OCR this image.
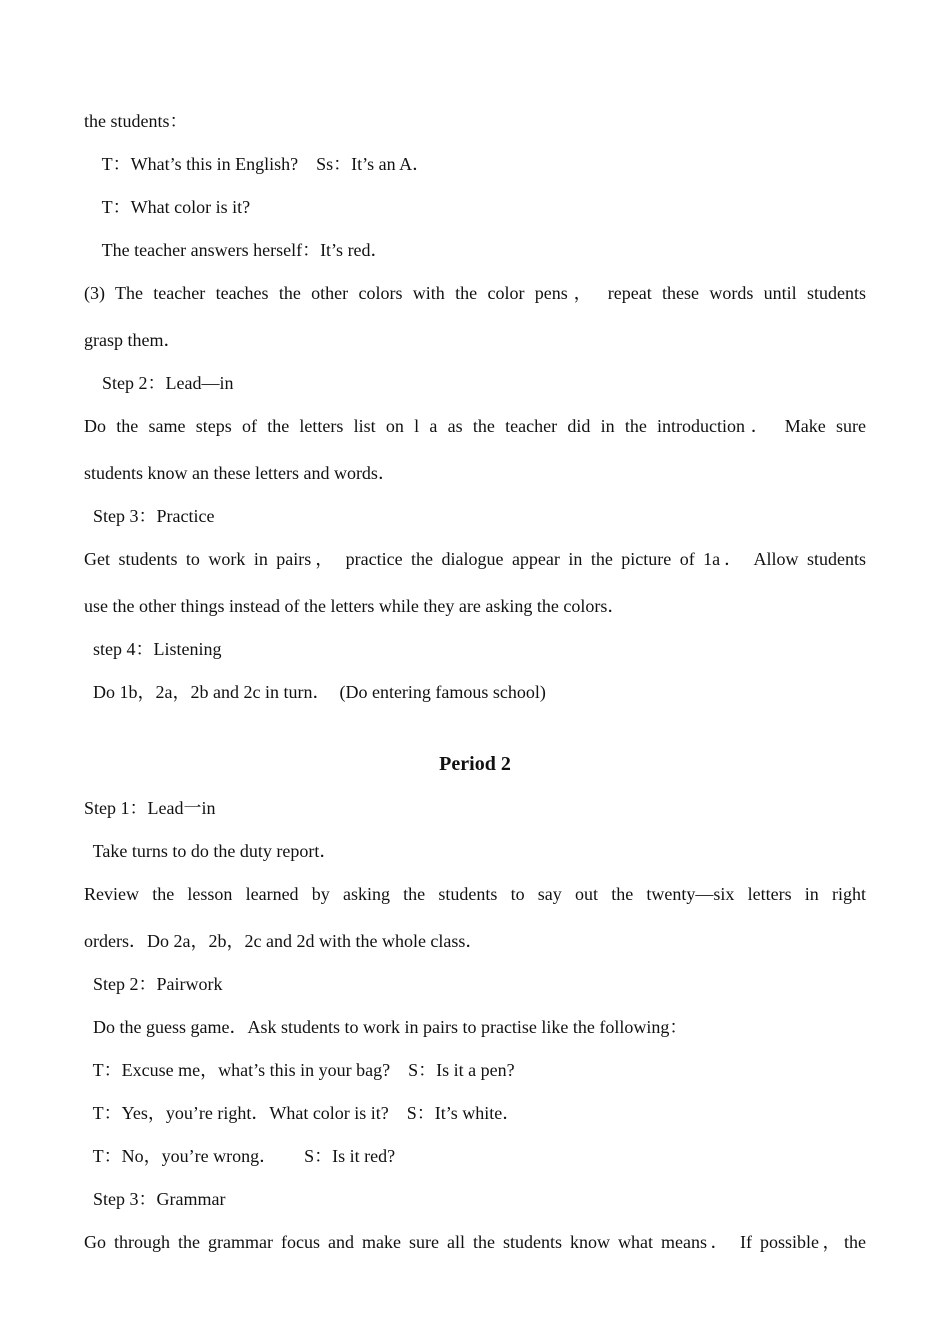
the students：

T：What’s this in English?    Ss：It’s an A．

T：What color is it?

The teacher answers herself：It’s red．

(3) The teacher teaches the other colors with the color pens， repeat these words until students

grasp them．

Step 2：Lead—in

Do the same steps of the letters list on l a as the teacher did in the introduction． Make sure

students know an these letters and words．

Step 3：Practice

Get students to work in pairs， practice the dialogue appear in the picture of 1a． Allow students

use the other things instead of the letters while they are asking the colors．

step 4：Listening

Do 1b，2a，2b and 2c in turn．  (Do entering famous school)

Period 2

Step 1：Lead一in

Take turns to do the duty report．

Review the lesson learned by asking the students to say out the twenty—six letters in right

orders．Do 2a，2b，2c and 2d with the whole class．

Step 2：Pairwork

Do the guess game．Ask students to work in pairs to practise like the following：

T：Excuse me，what’s this in your bag?    S：Is it a pen?

T：Yes，you’re right．What color is it?    S：It’s white．

T：No，you’re wrong．      S：Is it red?

Step 3：Grammar

Go through the grammar focus and make sure all the students know what means． If possible，the
